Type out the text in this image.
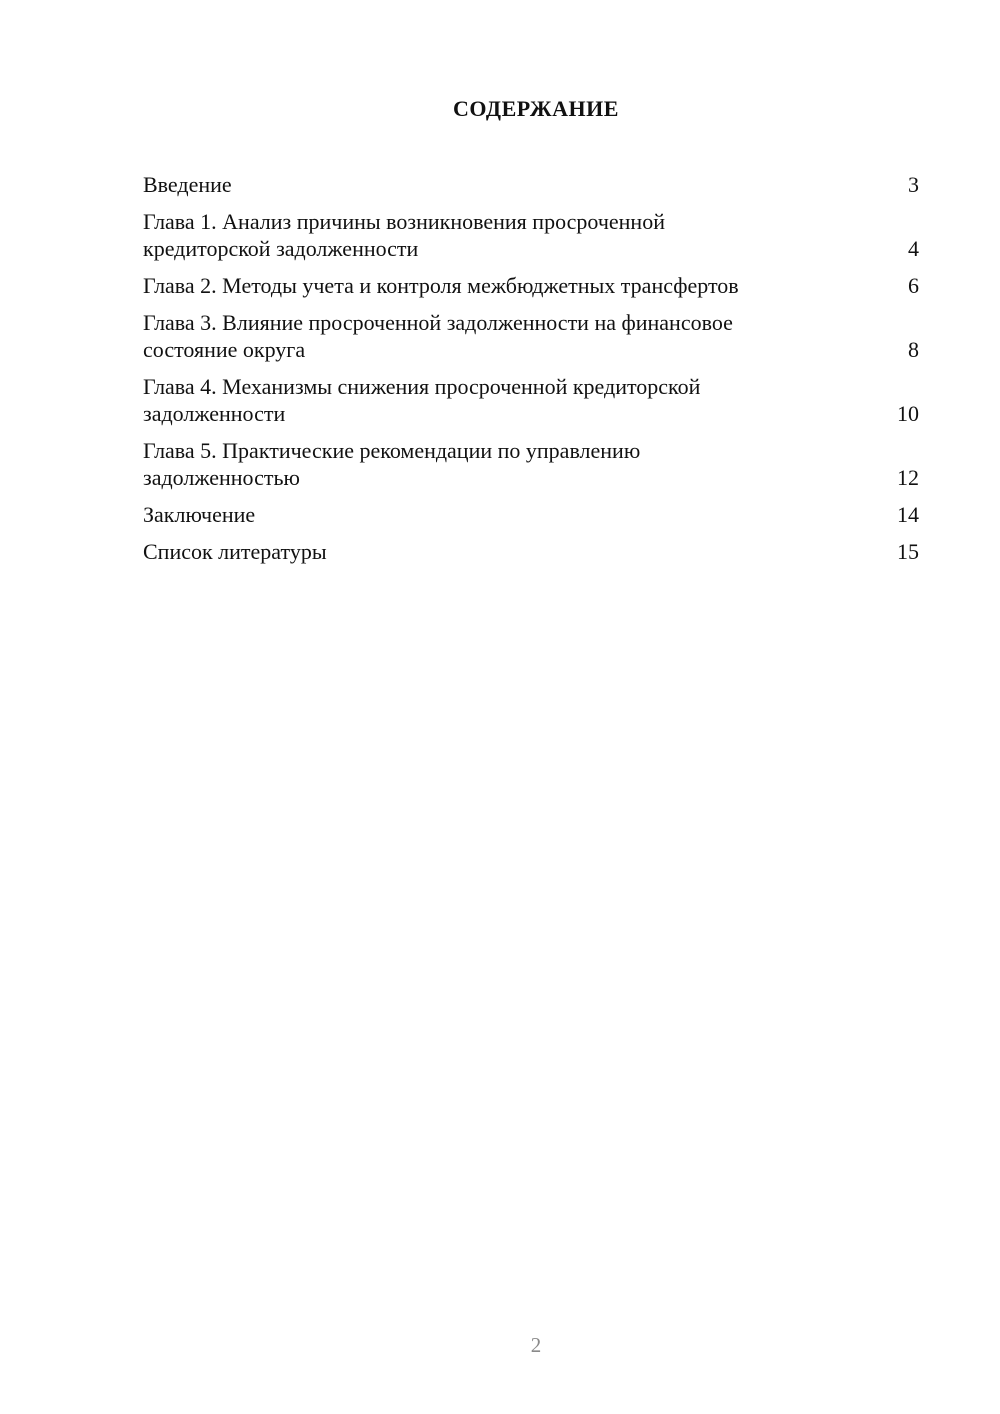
СОДЕРЖАНИЕ
Введение	3
Глава 1. Анализ причины возникновения просроченной
кредиторской задолженности	4
Глава 2. Методы учета и контроля межбюджетных трансфертов	6
Глава 3. Влияние просроченной задолженности на финансовое
состояние округа	8
Глава 4. Механизмы снижения просроченной кредиторской
задолженности	10
Глава 5. Практические рекомендации по управлению
задолженностью	12
Заключение	14
Список литературы	15
2
